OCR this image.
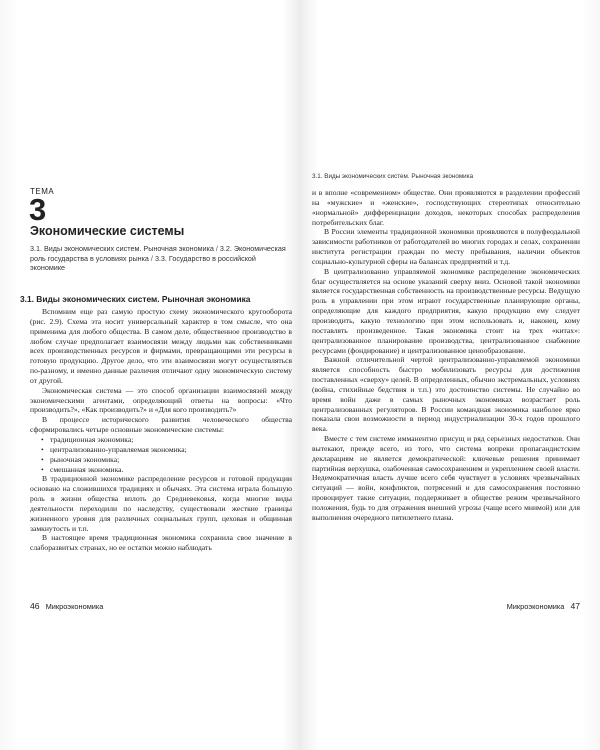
ТЕМА
3
Экономические системы
3.1. Виды экономических систем. Рыночная экономика / 3.2. Экономическая роль государства в условиях рынка / 3.3. Государство в российской экономике
3.1. Виды экономических систем. Рыночная экономика

Вспомним еще раз самую простую схему экономического кругооборота (рис. 2.9). Схема эта носит универсальный характер в том смысле, что она применима для любого общества. В самом деле, общественное производство в любом случае предполагает взаимосвязи между людьми как собственниками всех производственных ресурсов и фирмами, превращающими эти ресурсы в готовую продукцию. Другое дело, что эти взаимосвязи могут осуществляться по-разному, и именно данные различия отличают одну экономическую систему от другой.

Экономическая система — это способ организации взаимосвязей между экономическими агентами, определяющий ответы на вопросы: «Что производить?», «Как производить?» и «Для кого производить?»

В процессе исторического развития человеческого общества сформировались четыре основные экономические системы:

• традиционная экономика;
• централизованно-управляемая экономика;
• рыночная экономика;
• смешанная экономика.

В традиционной экономике распределение ресурсов и готовой продукции основано на сложившихся традициях и обычаях. Эта система играла большую роль в жизни общества вплоть до Средневековья, когда многие виды деятельности переходили по наследству, существовали жесткие границы жизненного уровня для различных социальных групп, цеховая и общинная замкнутость и т.п.

В настоящее время традиционная экономика сохранила свое значение в слаборазвитых странах, но ее остатки можно наблюдать

46 Микроэкономика
3.1. Виды экономических систем. Рыночная экономика

и в вполне «современном» обществе. Они проявляются в разделении профессий на «мужские» и «женские», господствующих стереотипах относительно «нормальной» дифференциации доходов, некоторых способах распределения потребительских благ.

В России элементы традиционной экономики проявляются в полуфеодальной зависимости работников от работодателей во многих городах и селах, сохранении института регистрации граждан по месту пребывания, наличии объектов социально-культурной сферы на балансах предприятий и т.д.

В централизованно управляемой экономике распределение экономических благ осуществляется на основе указаний сверху вниз. Основой такой экономики является государственная собственность на производственные ресурсы. Ведущую роль в управлении при этом играют государственные планирующие органы, определяющие для каждого предприятия, какую продукцию ему следует производить, какую технологию при этом использовать и, наконец, кому поставлять произведенное. Такая экономика стоит на трех «китах»: централизованное планирование производства, централизованное снабжение ресурсами (фондирование) и централизованное ценообразование.

Важной отличительной чертой централизованно-управляемой экономики является способность быстро мобилизовать ресурсы для достижения поставленных «сверху» целей. В определенных, обычно экстремальных, условиях (война, стихийные бедствия и т.п.) это достоинство системы. Не случайно во время войн даже в самых рыночных экономиках возрастает роль централизованных регуляторов. В России командная экономика наиболее ярко показала свои возможности в период индустриализации 30-х годов прошлого века.

Вместе с тем системе имманентно присущ и ряд серьезных недостатков. Они вытекают, прежде всего, из того, что система вопреки пропагандистским декларациям не является демократической: ключевые решения принимает партийная верхушка, озабоченная самосохранением и укреплением своей власти. Недемократичная власть лучше всего себя чувствует в условиях чрезвычайных ситуаций — войн, конфликтов, потрясений и для самосохранения постоянно провоцирует такие ситуации, поддерживает в обществе режим чрезвычайного положения, будь то для отражения внешней угрозы (чаще всего мнимой) или для выполнения очередного пятилетнего плана.

Микроэкономика 47
